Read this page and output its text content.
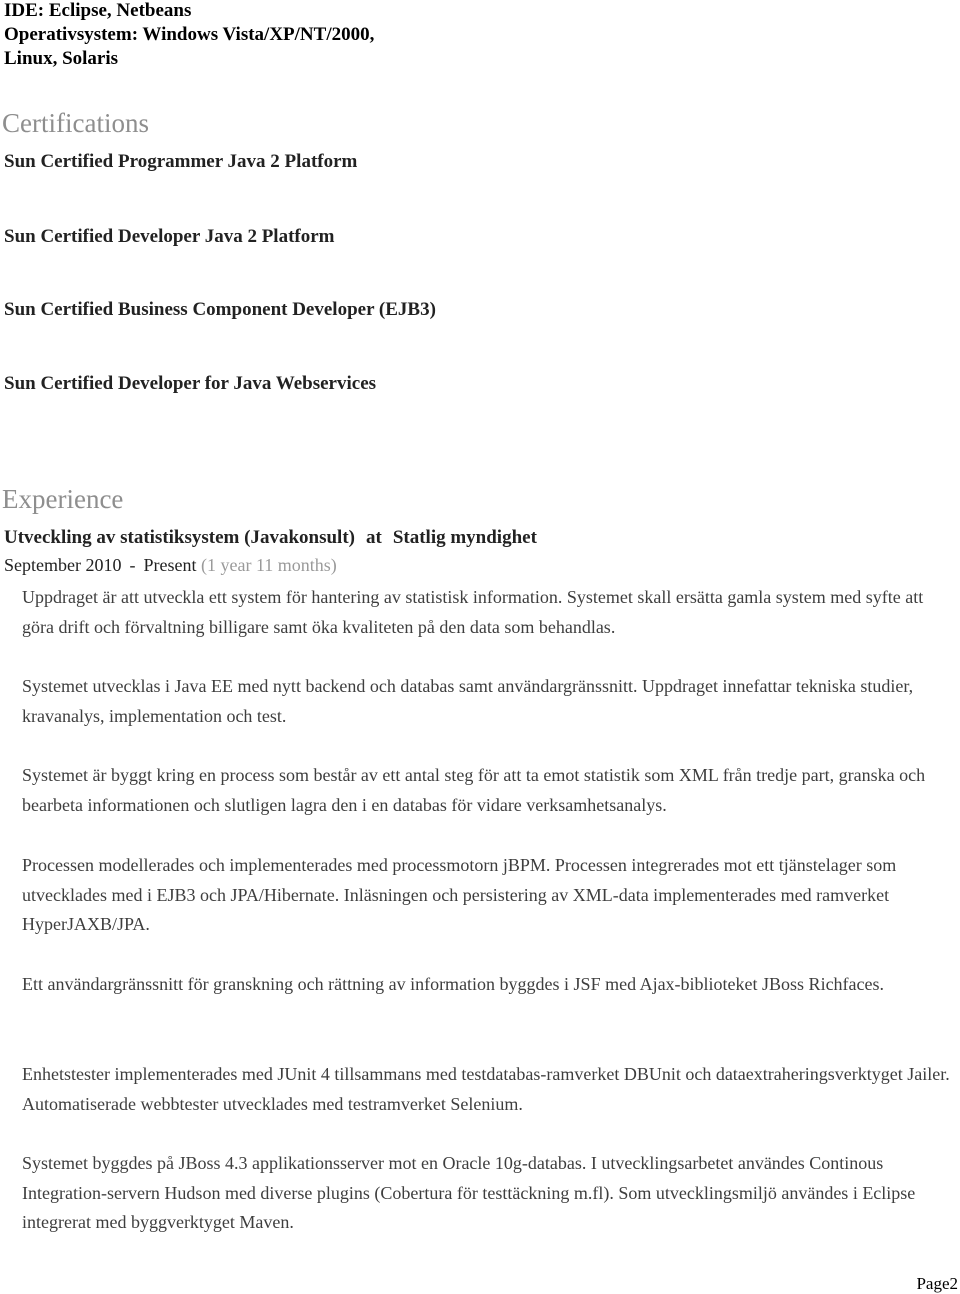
IDE: Eclipse, Netbeans
Operativsystem: Windows Vista/XP/NT/2000,
Linux, Solaris
Certifications
Sun Certified Programmer Java 2 Platform
Sun Certified Developer Java 2 Platform
Sun Certified Business Component Developer (EJB3)
Sun Certified Developer for Java Webservices
Experience
Utveckling av statistiksystem (Javakonsult) at Statlig myndighet
September 2010 - Present (1 year 11 months)
Uppdraget är att utveckla ett system för hantering av statistisk information. Systemet skall ersätta gamla system med syfte att göra drift och förvaltning billigare samt öka kvaliteten på den data som behandlas.
Systemet utvecklas i Java EE med nytt backend och databas samt användargränssnitt. Uppdraget innefattar tekniska studier, kravanalys, implementation och test.
Systemet är byggt kring en process som består av ett antal steg för att ta emot statistik som XML från tredje part, granska och bearbeta informationen och slutligen lagra den i en databas för vidare verksamhetsanalys.
Processen modellerades och implementerades med processmotorn jBPM. Processen integrerades mot ett tjänstelager som utvecklades med i EJB3 och JPA/Hibernate. Inläsningen och persistering av XML-data implementerades med ramverket HyperJAXB/JPA.
Ett användargränssnitt för granskning och rättning av information byggdes i JSF med Ajax-biblioteket JBoss Richfaces.
Enhetstester implementerades med JUnit 4 tillsammans med testdatabas-ramverket DBUnit och dataextraheringsverktyget Jailer. Automatiserade webbtester utvecklades med testramverket Selenium.
Systemet byggdes på JBoss 4.3 applikationsserver mot en Oracle 10g-databas. I utvecklingsarbetet användes Continous Integration-servern Hudson med diverse plugins (Cobertura för testtäckning m.fl). Som utvecklingsmiljö användes i Eclipse integrerat med byggverktyget Maven.
Page2
